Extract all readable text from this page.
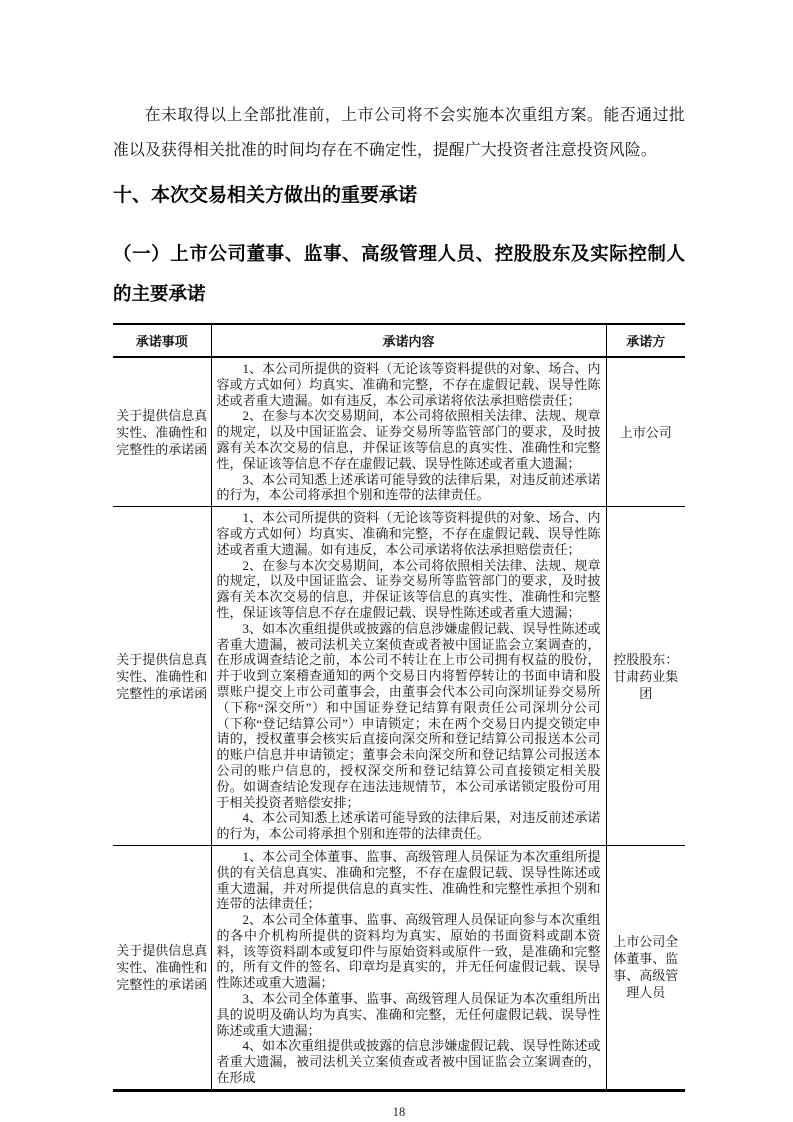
在未取得以上全部批准前，上市公司将不会实施本次重组方案。能否通过批准以及获得相关批准的时间均存在不确定性，提醒广大投资者注意投资风险。

十、本次交易相关方做出的重要承诺
（一）上市公司董事、监事、高级管理人员、控股股东及实际控制人的主要承诺
承诺事项	承诺内容	承诺方
关于提供信息真实性、准确性和完整性的承诺函	1、本公司所提供的资料（无论该等资料提供的对象、场合、内容或方式如何）均真实、准确和完整，不存在虚假记载、误导性陈述或者重大遗漏。如有违反，本公司承诺将依法承担赔偿责任；

2、在参与本次交易期间，本公司将依照相关法律、法规、规章的规定，以及中国证监会、证券交易所等监管部门的要求，及时披露有关本次交易的信息，并保证该等信息的真实性、准确性和完整性，保证该等信息不存在虚假记载、误导性陈述或者重大遗漏；

3、本公司知悉上述承诺可能导致的法律后果，对违反前述承诺的行为，本公司将承担个别和连带的法律责任。	上市公司
关于提供信息真实性、准确性和完整性的承诺函	1、本公司所提供的资料（无论该等资料提供的对象、场合、内容或方式如何）均真实、准确和完整，不存在虚假记载、误导性陈述或者重大遗漏。如有违反，本公司承诺将依法承担赔偿责任；

2、在参与本次交易期间，本公司将依照相关法律、法规、规章的规定，以及中国证监会、证券交易所等监管部门的要求，及时披露有关本次交易的信息，并保证该等信息的真实性、准确性和完整性，保证该等信息不存在虚假记载、误导性陈述或者重大遗漏；

3、如本次重组提供或披露的信息涉嫌虚假记载、误导性陈述或者重大遗漏，被司法机关立案侦查或者被中国证监会立案调查的，在形成调查结论之前，本公司不转让在上市公司拥有权益的股份，并于收到立案稽查通知的两个交易日内将暂停转让的书面申请和股票账户提交上市公司董事会，由董事会代本公司向深圳证券交易所（下称“深交所”）和中国证券登记结算有限责任公司深圳分公司（下称“登记结算公司”）申请锁定；未在两个交易日内提交锁定申请的，授权董事会核实后直接向深交所和登记结算公司报送本公司的账户信息并申请锁定；董事会未向深交所和登记结算公司报送本公司的账户信息的，授权深交所和登记结算公司直接锁定相关股份。如调查结论发现存在违法违规情节，本公司承诺锁定股份可用于相关投资者赔偿安排；

4、本公司知悉上述承诺可能导致的法律后果，对违反前述承诺的行为，本公司将承担个别和连带的法律责任。	控股股东：甘肃药业集团
关于提供信息真实性、准确性和完整性的承诺函	1、本公司全体董事、监事、高级管理人员保证为本次重组所提供的有关信息真实、准确和完整，不存在虚假记载、误导性陈述或重大遗漏，并对所提供信息的真实性、准确性和完整性承担个别和连带的法律责任；

2、本公司全体董事、监事、高级管理人员保证向参与本次重组的各中介机构所提供的资料均为真实、原始的书面资料或副本资料，该等资料副本或复印件与原始资料或原件一致，是准确和完整的，所有文件的签名、印章均是真实的，并无任何虚假记载、误导性陈述或重大遗漏；

3、本公司全体董事、监事、高级管理人员保证为本次重组所出具的说明及确认均为真实、准确和完整，无任何虚假记载、误导性陈述或重大遗漏；

4、如本次重组提供或披露的信息涉嫌虚假记载、误导性陈述或者重大遗漏，被司法机关立案侦查或者被中国证监会立案调查的，在形成	上市公司全体董事、监事、高级管理人员
18
